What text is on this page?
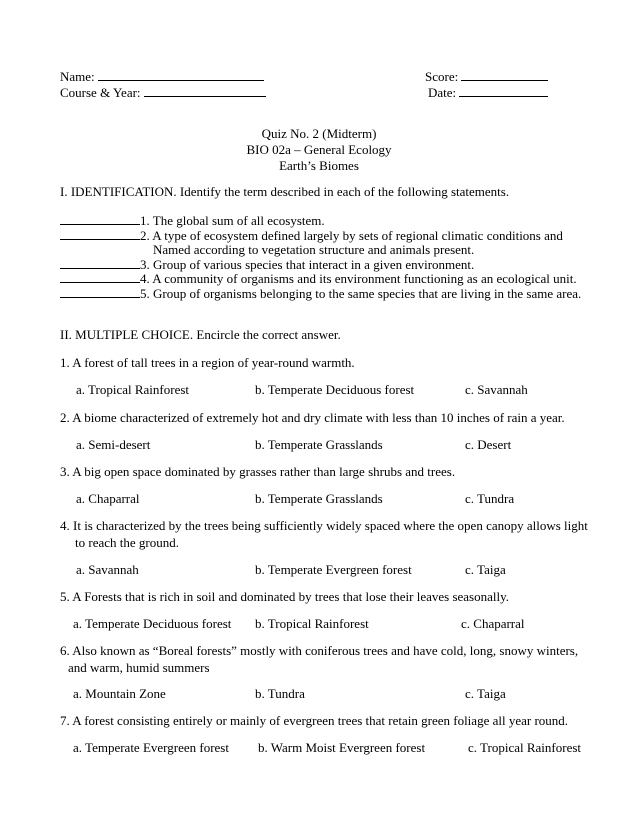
Name:
Course & Year:
Score:
Date:
Quiz No. 2 (Midterm)
BIO 02a – General Ecology
Earth’s Biomes
I. IDENTIFICATION. Identify the term described in each of the following statements.
1. The global sum of all ecosystem.
2. A type of ecosystem defined largely by sets of regional climatic conditions and
Named according to vegetation structure and animals present.
3. Group of various species that interact in a given environment.
4. A community of organisms and its environment functioning as an ecological unit.
5. Group of organisms belonging to the same species that are living in the same area.
II. MULTIPLE CHOICE. Encircle the correct answer.
1. A forest of tall trees in a region of year-round warmth.
a. Tropical Rainforest	b. Temperate Deciduous forest	c. Savannah
2. A biome characterized of extremely hot and dry climate with less than 10 inches of rain a year.
a. Semi-desert	b. Temperate Grasslands	c. Desert
3. A big open space dominated by grasses rather than large shrubs and trees.
a. Chaparral	b. Temperate Grasslands	c. Tundra
4. It is characterized by the trees being sufficiently widely spaced where the open canopy allows light
to reach the ground.
a. Savannah	b. Temperate Evergreen forest	c. Taiga
5. A Forests that is rich in soil and dominated by trees that lose their leaves seasonally.
a. Temperate Deciduous forest b. Tropical Rainforest	c. Chaparral
6. Also known as “Boreal forests” mostly with coniferous trees and have cold, long, snowy winters,
and warm, humid summers
a. Mountain Zone	b. Tundra	c. Taiga
7. A forest consisting entirely or mainly of evergreen trees that retain green foliage all year round.
a. Temperate Evergreen forest b. Warm Moist Evergreen forest	c. Tropical Rainforest
